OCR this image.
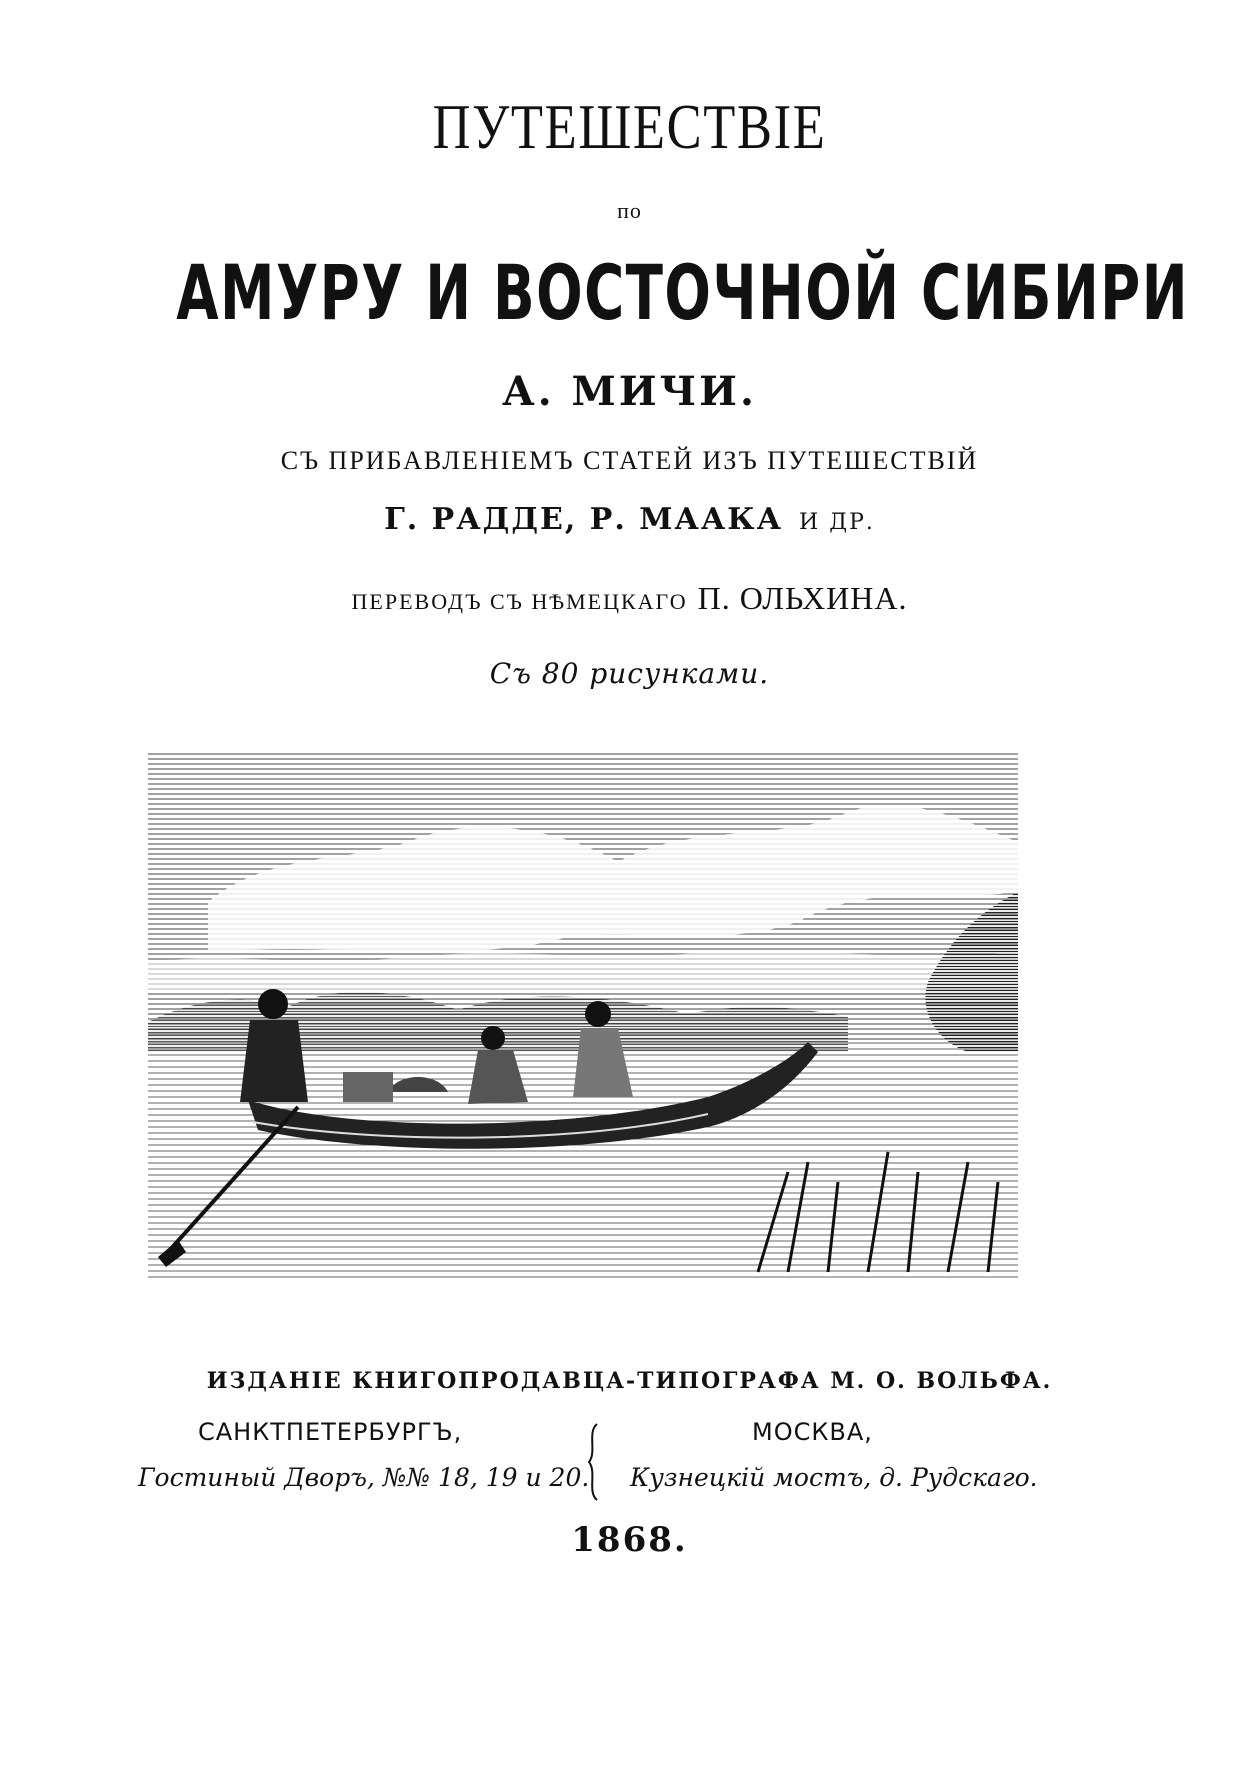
ПУТЕШЕСТВІЕ
по
АМУРУ И ВОСТОЧНОЙ СИБИРИ
А. МИЧИ.
СЪ ПРИБАВЛЕНІЕМЪ СТАТЕЙ ИЗЪ ПУТЕШЕСТВІЙ
Г. РАДДЕ, Р. МААКА И ДР.
ПЕРЕВОДЪ СЪ НѢМЕЦКАГО П. ОЛЬХИНА.
Съ 80 рисунками.
ИЗДАНІЕ КНИГОПРОДАВЦА-ТИПОГРАФА М. О. ВОЛЬФА.
САНКТПЕТЕРБУРГЪ,	МОСКВА,
Гостиный Дворъ, №№ 18, 19 и 20. Кузнецкій мостъ, д. Рудскаго.
1868.
